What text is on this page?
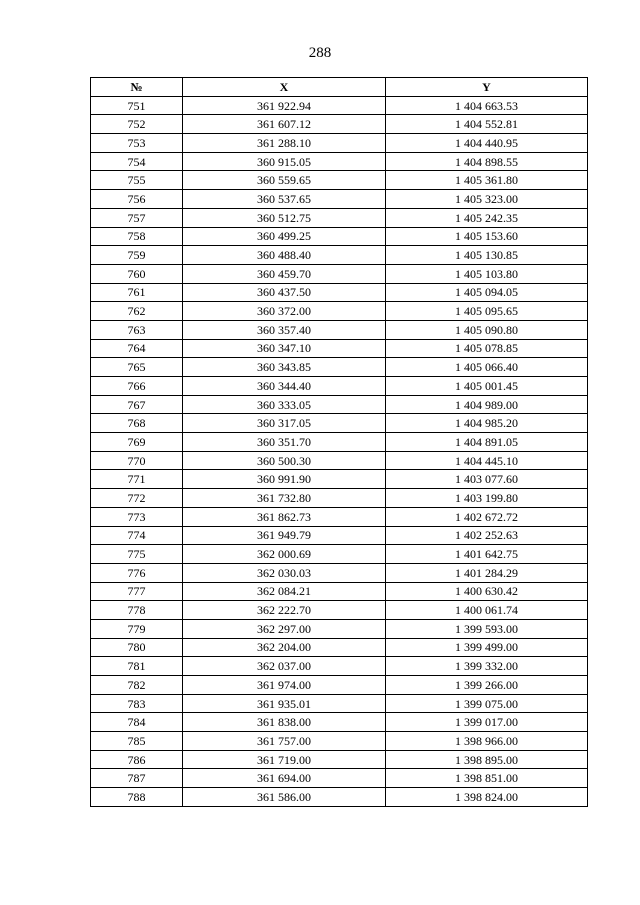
288
№	X	Y
751	361 922.94	1 404 663.53
752	361 607.12	1 404 552.81
753	361 288.10	1 404 440.95
754	360 915.05	1 404 898.55
755	360 559.65	1 405 361.80
756	360 537.65	1 405 323.00
757	360 512.75	1 405 242.35
758	360 499.25	1 405 153.60
759	360 488.40	1 405 130.85
760	360 459.70	1 405 103.80
761	360 437.50	1 405 094.05
762	360 372.00	1 405 095.65
763	360 357.40	1 405 090.80
764	360 347.10	1 405 078.85
765	360 343.85	1 405 066.40
766	360 344.40	1 405 001.45
767	360 333.05	1 404 989.00
768	360 317.05	1 404 985.20
769	360 351.70	1 404 891.05
770	360 500.30	1 404 445.10
771	360 991.90	1 403 077.60
772	361 732.80	1 403 199.80
773	361 862.73	1 402 672.72
774	361 949.79	1 402 252.63
775	362 000.69	1 401 642.75
776	362 030.03	1 401 284.29
777	362 084.21	1 400 630.42
778	362 222.70	1 400 061.74
779	362 297.00	1 399 593.00
780	362 204.00	1 399 499.00
781	362 037.00	1 399 332.00
782	361 974.00	1 399 266.00
783	361 935.01	1 399 075.00
784	361 838.00	1 399 017.00
785	361 757.00	1 398 966.00
786	361 719.00	1 398 895.00
787	361 694.00	1 398 851.00
788	361 586.00	1 398 824.00
